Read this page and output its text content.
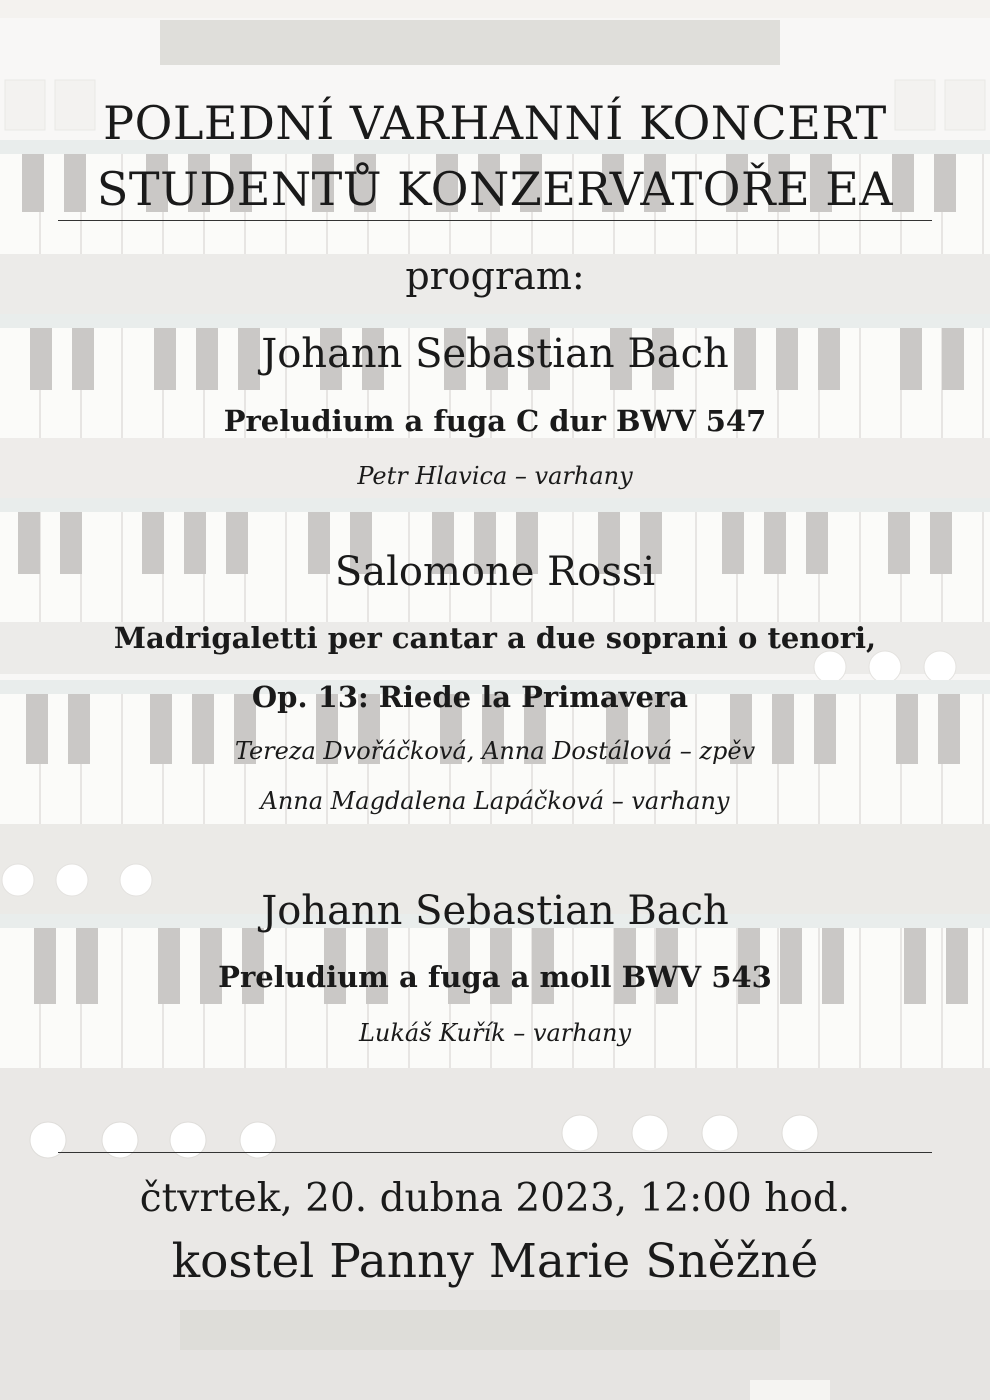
POLEDNÍ VARHANNÍ KONCERT
STUDENTŮ KONZERVATOŘE EA
program:
Johann Sebastian Bach
Preludium a fuga C dur BWV 547
Petr Hlavica – varhany
Salomone Rossi
Madrigaletti per cantar a due soprani o tenori,
Op. 13: Riede la Primavera
Tereza Dvořáčková, Anna Dostálová – zpěv
Anna Magdalena Lapáčková – varhany
Johann Sebastian Bach
Preludium a fuga a moll BWV 543
Lukáš Kuřík – varhany
čtvrtek, 20. dubna 2023, 12:00 hod.
kostel Panny Marie Sněžné
